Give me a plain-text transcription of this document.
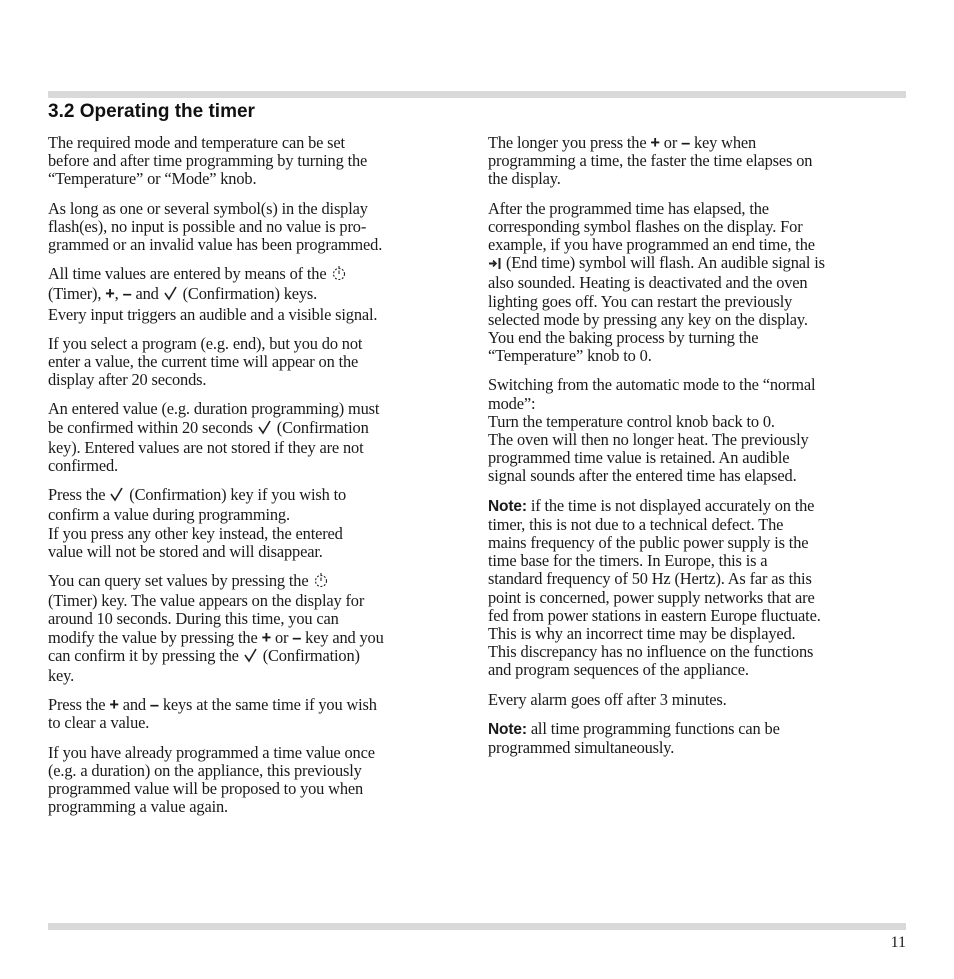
3.2 Operating the timer

The required mode and temperature can be set
before and after time programming by turning the
“Temperature” or “Mode” knob.

As long as one or several symbol(s) in the display
flash(es), no input is possible and no value is pro-
grammed or an invalid value has been programmed.

All time values are entered by means of the
(Timer), +, – and (Confirmation) keys.
Every input triggers an audible and a visible signal.

If you select a program (e.g. end), but you do not
enter a value, the current time will appear on the
display after 20 seconds.

An entered value (e.g. duration programming) must
be confirmed within 20 seconds (Confirmation
key). Entered values are not stored if they are not
confirmed.

Press the (Confirmation) key if you wish to
confirm a value during programming.
If you press any other key instead, the entered
value will not be stored and will disappear.

You can query set values by pressing the
(Timer) key. The value appears on the display for
around 10 seconds. During this time, you can
modify the value by pressing the + or – key and you
can confirm it by pressing the (Confirmation)
key.

Press the + and – keys at the same time if you wish
to clear a value.

If you have already programmed a time value once
(e.g. a duration) on the appliance, this previously
programmed value will be proposed to you when
programming a value again.

The longer you press the + or – key when
programming a time, the faster the time elapses on
the display.

After the programmed time has elapsed, the
corresponding symbol flashes on the display. For
example, if you have programmed an end time, the
(End time) symbol will flash. An audible signal is
also sounded. Heating is deactivated and the oven
lighting goes off. You can restart the previously
selected mode by pressing any key on the display.
You end the baking process by turning the
“Temperature” knob to 0.

Switching from the automatic mode to the “normal
mode”:
Turn the temperature control knob back to 0.
The oven will then no longer heat. The previously
programmed time value is retained. An audible
signal sounds after the entered time has elapsed.

Note: if the time is not displayed accurately on the
timer, this is not due to a technical defect. The
mains frequency of the public power supply is the
time base for the timers. In Europe, this is a
standard frequency of 50 Hz (Hertz). As far as this
point is concerned, power supply networks that are
fed from power stations in eastern Europe fluctuate.
This is why an incorrect time may be displayed.
This discrepancy has no influence on the functions
and program sequences of the appliance.

Every alarm goes off after 3 minutes.

Note: all time programming functions can be
programmed simultaneously.

11
